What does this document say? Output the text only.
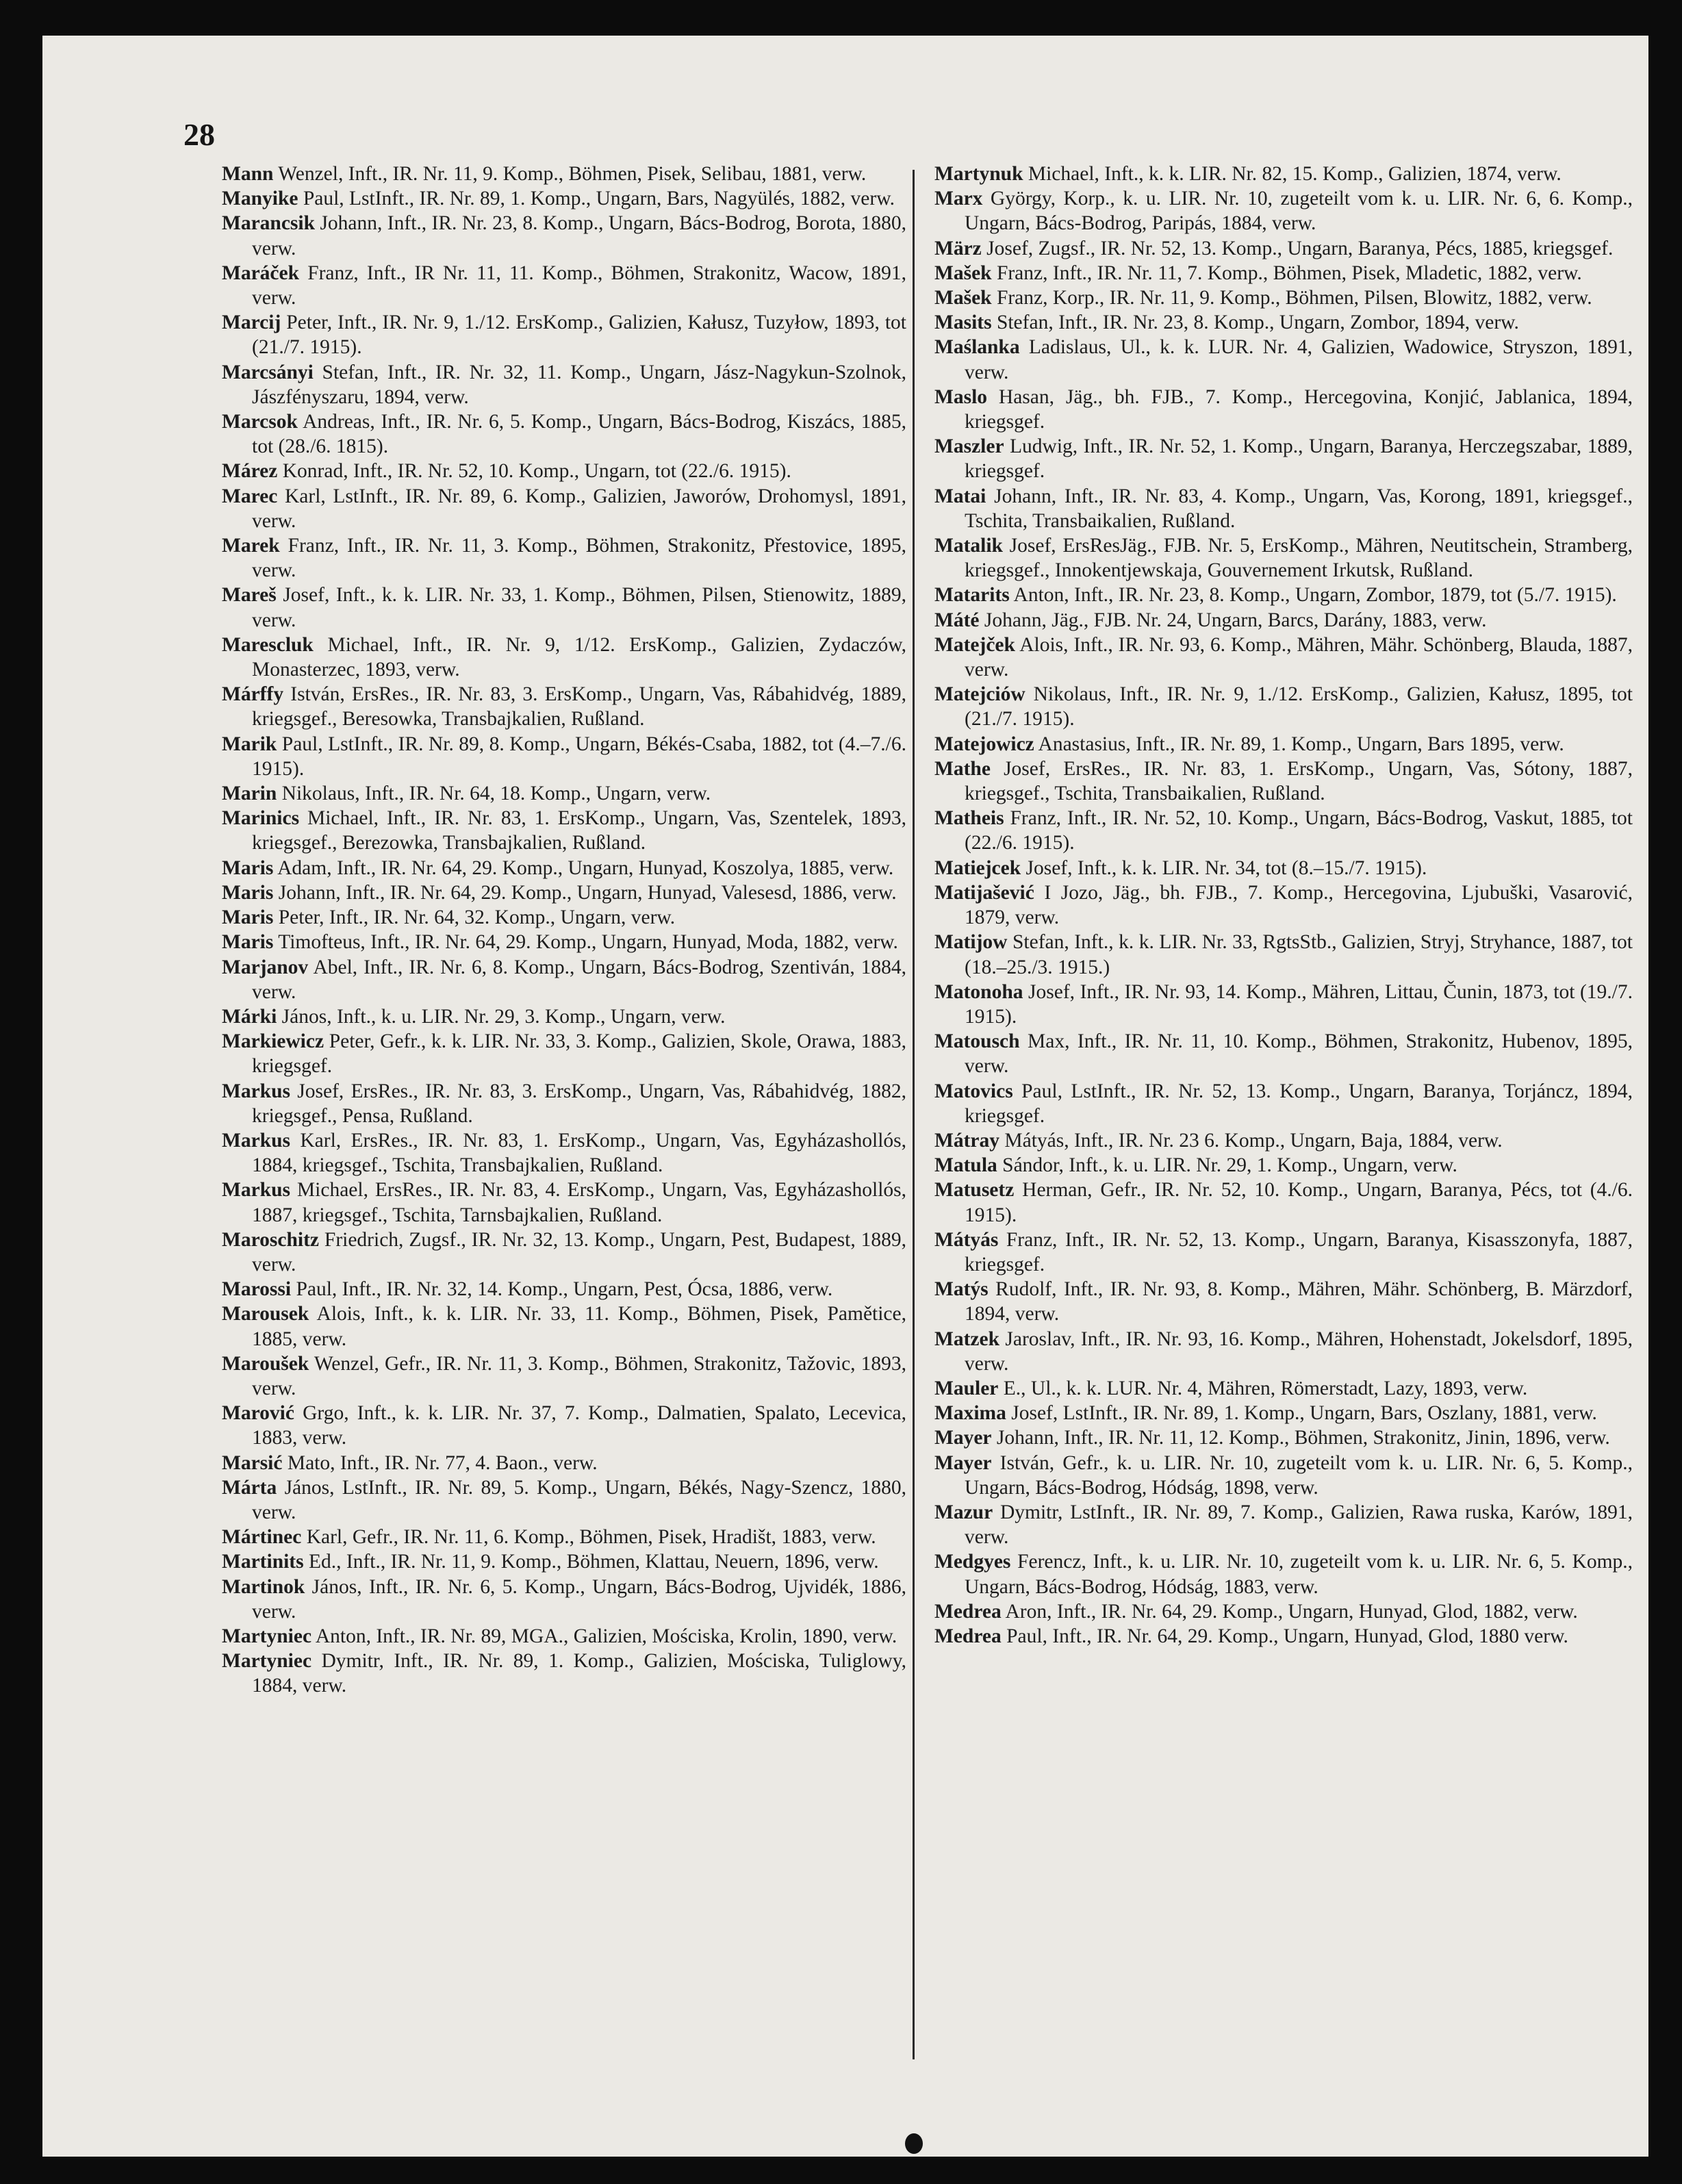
28

Mann Wenzel, Inft., IR. Nr. 11, 9. Komp., Böhmen, Pisek, Selibau, 1881, verw.

Manyike Paul, LstInft., IR. Nr. 89, 1. Komp., Ungarn, Bars, Nagyülés, 1882, verw.

Marancsik Johann, Inft., IR. Nr. 23, 8. Komp., Ungarn, Bács-Bodrog, Borota, 1880, verw.

Maráček Franz, Inft., IR Nr. 11, 11. Komp., Böhmen, Strakonitz, Wacow, 1891, verw.

Marcij Peter, Inft., IR. Nr. 9, 1./12. ErsKomp., Galizien, Kałusz, Tuzyłow, 1893, tot (21./7. 1915).

Marcsányi Stefan, Inft., IR. Nr. 32, 11. Komp., Ungarn, Jász-Nagykun-Szolnok, Jászfényszaru, 1894, verw.

Marcsok Andreas, Inft., IR. Nr. 6, 5. Komp., Ungarn, Bács-Bodrog, Kiszács, 1885, tot (28./6. 1815).

Márez Konrad, Inft., IR. Nr. 52, 10. Komp., Ungarn, tot (22./6. 1915).

Marec Karl, LstInft., IR. Nr. 89, 6. Komp., Galizien, Jaworów, Drohomysl, 1891, verw.

Marek Franz, Inft., IR. Nr. 11, 3. Komp., Böhmen, Strakonitz, Přestovice, 1895, verw.

Mareš Josef, Inft., k. k. LIR. Nr. 33, 1. Komp., Böhmen, Pilsen, Stienowitz, 1889, verw.

Marescluk Michael, Inft., IR. Nr. 9, 1/12. ErsKomp., Galizien, Zydaczów, Monasterzec, 1893, verw.

Márffy István, ErsRes., IR. Nr. 83, 3. ErsKomp., Ungarn, Vas, Rábahidvég, 1889, kriegsgef., Beresowka, Transbajkalien, Rußland.

Marik Paul, LstInft., IR. Nr. 89, 8. Komp., Ungarn, Békés-Csaba, 1882, tot (4.–7./6. 1915).

Marin Nikolaus, Inft., IR. Nr. 64, 18. Komp., Ungarn, verw.

Marinics Michael, Inft., IR. Nr. 83, 1. ErsKomp., Ungarn, Vas, Szentelek, 1893, kriegsgef., Berezowka, Transbajkalien, Rußland.

Maris Adam, Inft., IR. Nr. 64, 29. Komp., Ungarn, Hunyad, Koszolya, 1885, verw.

Maris Johann, Inft., IR. Nr. 64, 29. Komp., Ungarn, Hunyad, Valesesd, 1886, verw.

Maris Peter, Inft., IR. Nr. 64, 32. Komp., Ungarn, verw.

Maris Timofteus, Inft., IR. Nr. 64, 29. Komp., Ungarn, Hunyad, Moda, 1882, verw.

Marjanov Abel, Inft., IR. Nr. 6, 8. Komp., Ungarn, Bács-Bodrog, Szentiván, 1884, verw.

Márki János, Inft., k. u. LIR. Nr. 29, 3. Komp., Ungarn, verw.

Markiewicz Peter, Gefr., k. k. LIR. Nr. 33, 3. Komp., Galizien, Skole, Orawa, 1883, kriegsgef.

Markus Josef, ErsRes., IR. Nr. 83, 3. ErsKomp., Ungarn, Vas, Rábahidvég, 1882, kriegsgef., Pensa, Rußland.

Markus Karl, ErsRes., IR. Nr. 83, 1. ErsKomp., Ungarn, Vas, Egyházashollós, 1884, kriegsgef., Tschita, Transbajkalien, Rußland.

Markus Michael, ErsRes., IR. Nr. 83, 4. ErsKomp., Ungarn, Vas, Egyházashollós, 1887, kriegsgef., Tschita, Tarnsbajkalien, Rußland.

Maroschitz Friedrich, Zugsf., IR. Nr. 32, 13. Komp., Ungarn, Pest, Budapest, 1889, verw.

Marossi Paul, Inft., IR. Nr. 32, 14. Komp., Ungarn, Pest, Ócsa, 1886, verw.

Marousek Alois, Inft., k. k. LIR. Nr. 33, 11. Komp., Böhmen, Pisek, Pamětice, 1885, verw.

Maroušek Wenzel, Gefr., IR. Nr. 11, 3. Komp., Böhmen, Strakonitz, Tažovic, 1893, verw.

Marović Grgo, Inft., k. k. LIR. Nr. 37, 7. Komp., Dalmatien, Spalato, Lecevica, 1883, verw.

Marsić Mato, Inft., IR. Nr. 77, 4. Baon., verw.

Márta János, LstInft., IR. Nr. 89, 5. Komp., Ungarn, Békés, Nagy-Szencz, 1880, verw.

Mártinec Karl, Gefr., IR. Nr. 11, 6. Komp., Böhmen, Pisek, Hradišt, 1883, verw.

Martinits Ed., Inft., IR. Nr. 11, 9. Komp., Böhmen, Klattau, Neuern, 1896, verw.

Martinok János, Inft., IR. Nr. 6, 5. Komp., Ungarn, Bács-Bodrog, Ujvidék, 1886, verw.

Martyniec Anton, Inft., IR. Nr. 89, MGA., Galizien, Mościska, Krolin, 1890, verw.

Martyniec Dymitr, Inft., IR. Nr. 89, 1. Komp., Galizien, Mościska, Tuliglowy, 1884, verw.

Martynuk Michael, Inft., k. k. LIR. Nr. 82, 15. Komp., Galizien, 1874, verw.

Marx György, Korp., k. u. LIR. Nr. 10, zugeteilt vom k. u. LIR. Nr. 6, 6. Komp., Ungarn, Bács-Bodrog, Paripás, 1884, verw.

März Josef, Zugsf., IR. Nr. 52, 13. Komp., Ungarn, Baranya, Pécs, 1885, kriegsgef.

Mašek Franz, Inft., IR. Nr. 11, 7. Komp., Böhmen, Pisek, Mladetic, 1882, verw.

Mašek Franz, Korp., IR. Nr. 11, 9. Komp., Böhmen, Pilsen, Blowitz, 1882, verw.

Masits Stefan, Inft., IR. Nr. 23, 8. Komp., Ungarn, Zombor, 1894, verw.

Maślanka Ladislaus, Ul., k. k. LUR. Nr. 4, Galizien, Wadowice, Stryszon, 1891, verw.

Maslo Hasan, Jäg., bh. FJB., 7. Komp., Hercegovina, Konjić, Jablanica, 1894, kriegsgef.

Maszler Ludwig, Inft., IR. Nr. 52, 1. Komp., Ungarn, Baranya, Herczegszabar, 1889, kriegsgef.

Matai Johann, Inft., IR. Nr. 83, 4. Komp., Ungarn, Vas, Korong, 1891, kriegsgef., Tschita, Transbaikalien, Rußland.

Matalik Josef, ErsResJäg., FJB. Nr. 5, ErsKomp., Mähren, Neutitschein, Stramberg, kriegsgef., Innokentjewskaja, Gouvernement Irkutsk, Rußland.

Matarits Anton, Inft., IR. Nr. 23, 8. Komp., Ungarn, Zombor, 1879, tot (5./7. 1915).

Máté Johann, Jäg., FJB. Nr. 24, Ungarn, Barcs, Darány, 1883, verw.

Matejček Alois, Inft., IR. Nr. 93, 6. Komp., Mähren, Mähr. Schönberg, Blauda, 1887, verw.

Matejciów Nikolaus, Inft., IR. Nr. 9, 1./12. ErsKomp., Galizien, Kałusz, 1895, tot (21./7. 1915).

Matejowicz Anastasius, Inft., IR. Nr. 89, 1. Komp., Ungarn, Bars 1895, verw.

Mathe Josef, ErsRes., IR. Nr. 83, 1. ErsKomp., Ungarn, Vas, Sótony, 1887, kriegsgef., Tschita, Transbaikalien, Rußland.

Matheis Franz, Inft., IR. Nr. 52, 10. Komp., Ungarn, Bács-Bodrog, Vaskut, 1885, tot (22./6. 1915).

Matiejcek Josef, Inft., k. k. LIR. Nr. 34, tot (8.–15./7. 1915).

Matijašević I Jozo, Jäg., bh. FJB., 7. Komp., Hercegovina, Ljubuški, Vasarović, 1879, verw.

Matijow Stefan, Inft., k. k. LIR. Nr. 33, RgtsStb., Galizien, Stryj, Stryhance, 1887, tot (18.–25./3. 1915.)

Matonoha Josef, Inft., IR. Nr. 93, 14. Komp., Mähren, Littau, Čunin, 1873, tot (19./7. 1915).

Matousch Max, Inft., IR. Nr. 11, 10. Komp., Böhmen, Strakonitz, Hubenov, 1895, verw.

Matovics Paul, LstInft., IR. Nr. 52, 13. Komp., Ungarn, Baranya, Torjáncz, 1894, kriegsgef.

Mátray Mátyás, Inft., IR. Nr. 23 6. Komp., Ungarn, Baja, 1884, verw.

Matula Sándor, Inft., k. u. LIR. Nr. 29, 1. Komp., Ungarn, verw.

Matusetz Herman, Gefr., IR. Nr. 52, 10. Komp., Ungarn, Baranya, Pécs, tot (4./6. 1915).

Mátyás Franz, Inft., IR. Nr. 52, 13. Komp., Ungarn, Baranya, Kisasszonyfa, 1887, kriegsgef.

Matýs Rudolf, Inft., IR. Nr. 93, 8. Komp., Mähren, Mähr. Schönberg, B. Märzdorf, 1894, verw.

Matzek Jaroslav, Inft., IR. Nr. 93, 16. Komp., Mähren, Hohenstadt, Jokelsdorf, 1895, verw.

Mauler E., Ul., k. k. LUR. Nr. 4, Mähren, Römerstadt, Lazy, 1893, verw.

Maxima Josef, LstInft., IR. Nr. 89, 1. Komp., Ungarn, Bars, Oszlany, 1881, verw.

Mayer Johann, Inft., IR. Nr. 11, 12. Komp., Böhmen, Strakonitz, Jinin, 1896, verw.

Mayer István, Gefr., k. u. LIR. Nr. 10, zugeteilt vom k. u. LIR. Nr. 6, 5. Komp., Ungarn, Bács-Bodrog, Hódság, 1898, verw.

Mazur Dymitr, LstInft., IR. Nr. 89, 7. Komp., Galizien, Rawa ruska, Karów, 1891, verw.

Medgyes Ferencz, Inft., k. u. LIR. Nr. 10, zugeteilt vom k. u. LIR. Nr. 6, 5. Komp., Ungarn, Bács-Bodrog, Hódság, 1883, verw.

Medrea Aron, Inft., IR. Nr. 64, 29. Komp., Ungarn, Hunyad, Glod, 1882, verw.

Medrea Paul, Inft., IR. Nr. 64, 29. Komp., Ungarn, Hunyad, Glod, 1880 verw.
